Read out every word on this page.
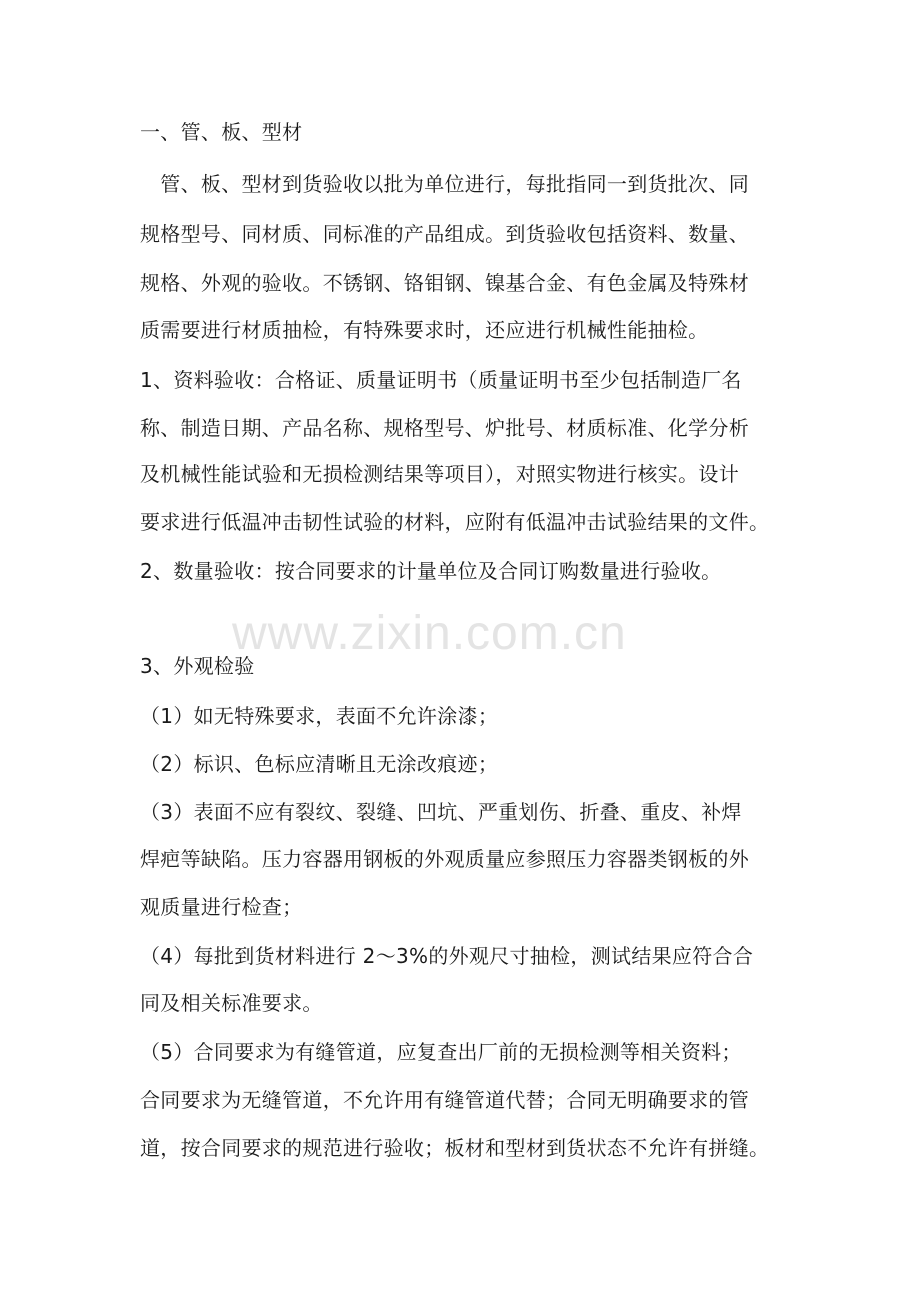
www.zixin.com.cn
一、管、板、型材
　管、板、型材到货验收以批为单位进行，每批指同一到货批次、同
规格型号、同材质、同标准的产品组成。到货验收包括资料、数量、
规格、外观的验收。不锈钢、铬钼钢、镍基合金、有色金属及特殊材
质需要进行材质抽检，有特殊要求时，还应进行机械性能抽检。
1、资料验收：合格证、质量证明书（质量证明书至少包括制造厂名
称、制造日期、产品名称、规格型号、炉批号、材质标准、化学分析
及机械性能试验和无损检测结果等项目），对照实物进行核实。设计
要求进行低温冲击韧性试验的材料，应附有低温冲击试验结果的文件。
2、数量验收：按合同要求的计量单位及合同订购数量进行验收。
3、外观检验
（1）如无特殊要求，表面不允许涂漆；
（2）标识、色标应清晰且无涂改痕迹；
（3）表面不应有裂纹、裂缝、凹坑、严重划伤、折叠、重皮、补焊
焊疤等缺陷。压力容器用钢板的外观质量应参照压力容器类钢板的外
观质量进行检查；
（4）每批到货材料进行 2～3%的外观尺寸抽检，测试结果应符合合
同及相关标准要求。
（5）合同要求为有缝管道，应复查出厂前的无损检测等相关资料；
合同要求为无缝管道，不允许用有缝管道代替；合同无明确要求的管
道，按合同要求的规范进行验收；板材和型材到货状态不允许有拼缝。
